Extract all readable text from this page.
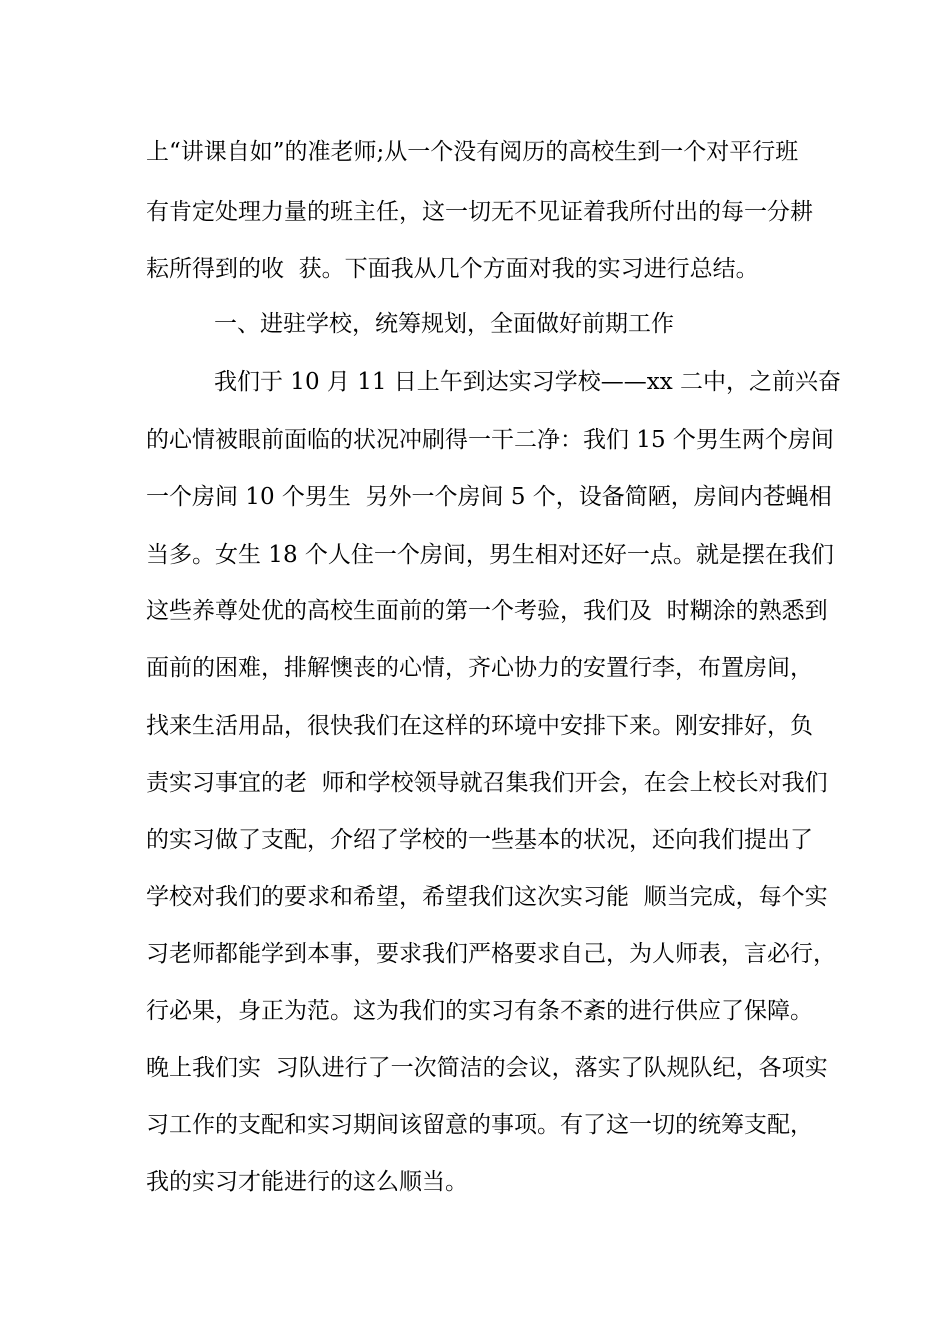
上“讲课自如”的准老师;从一个没有阅历的高校生到一个对平行班
有肯定处理力量的班主任，这一切无不见证着我所付出的每一分耕
耘所得到的收  获。下面我从几个方面对我的实习进行总结。
一、进驻学校，统筹规划，全面做好前期工作
我们于 10 月 11 日上午到达实习学校——xx 二中，之前兴奋
的心情被眼前面临的状况冲刷得一干二净：我们 15 个男生两个房间
一个房间 10 个男生  另外一个房间 5 个，设备简陋，房间内苍蝇相
当多。女生 18 个人住一个房间，男生相对还好一点。就是摆在我们
这些养尊处优的高校生面前的第一个考验，我们及  时糊涂的熟悉到
面前的困难，排解懊丧的心情，齐心协力的安置行李，布置房间，
找来生活用品，很快我们在这样的环境中安排下来。刚安排好，负
责实习事宜的老  师和学校领导就召集我们开会，在会上校长对我们
的实习做了支配，介绍了学校的一些基本的状况，还向我们提出了
学校对我们的要求和希望，希望我们这次实习能  顺当完成，每个实
习老师都能学到本事，要求我们严格要求自己，为人师表，言必行，
行必果，身正为范。这为我们的实习有条不紊的进行供应了保障。
晚上我们实  习队进行了一次简洁的会议，落实了队规队纪，各项实
习工作的支配和实习期间该留意的事项。有了这一切的统筹支配，
我的实习才能进行的这么顺当。
